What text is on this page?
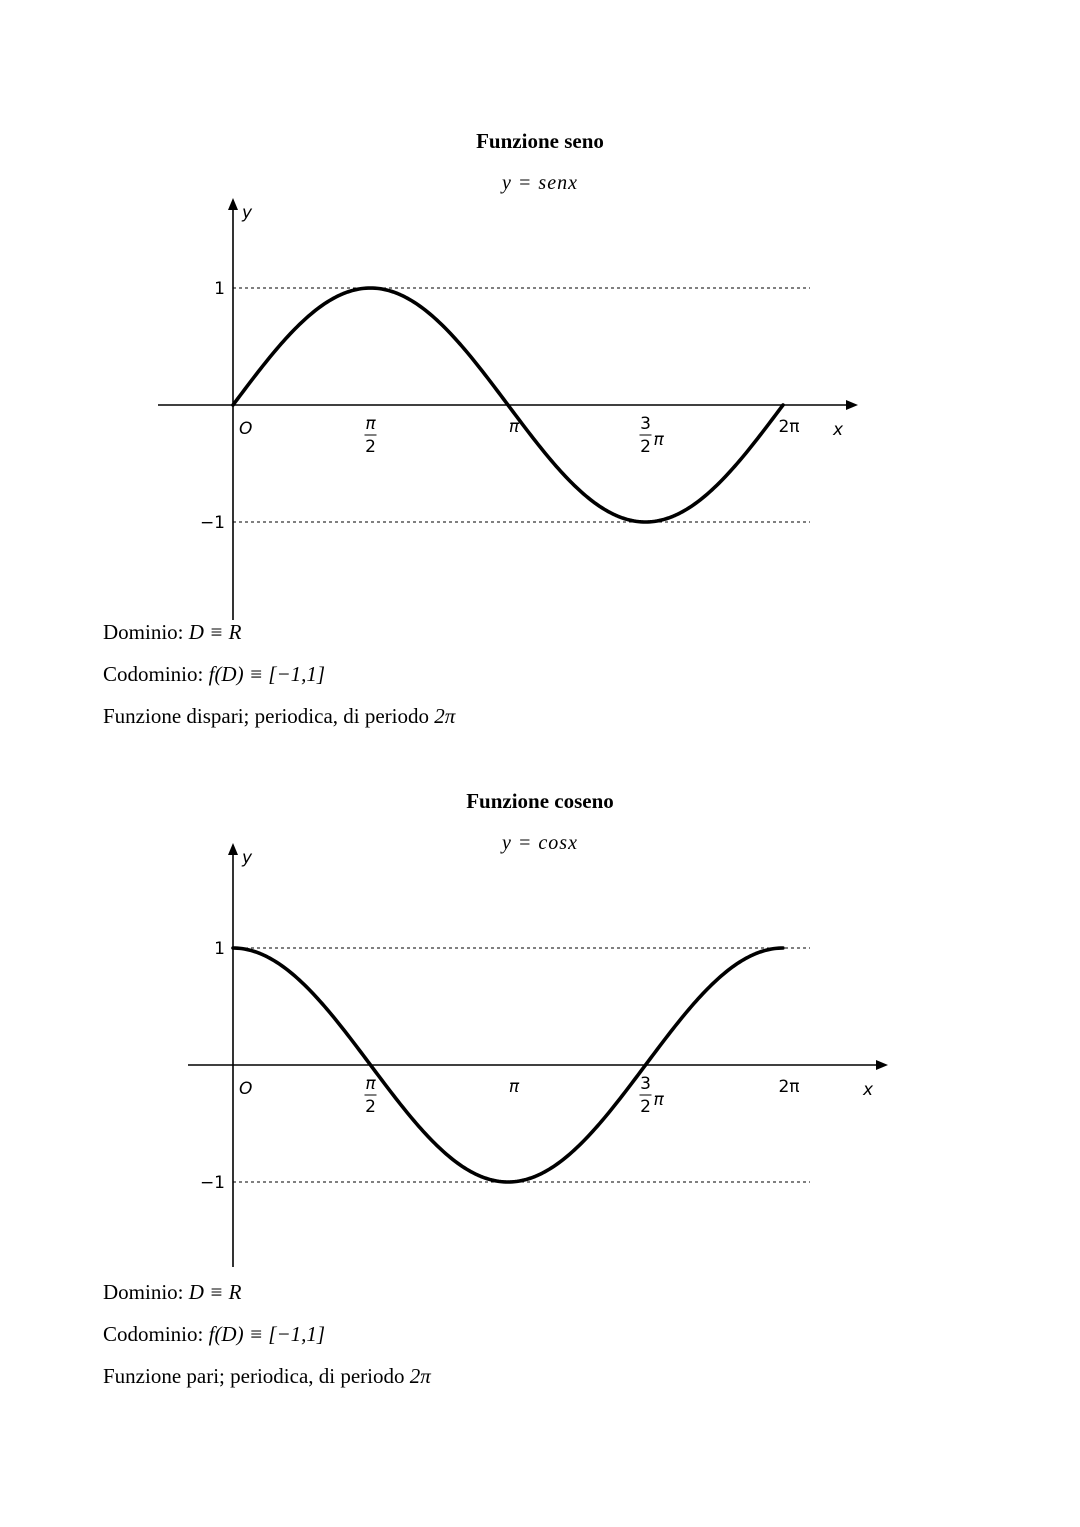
Funzione seno
y = senx
x
y
O
1
−1
π
2
π	3
2 π
2π
Dominio: D ≡ R
Codominio: f(D) ≡ [−1,1]
Funzione dispari; periodica, di periodo 2π
Funzione coseno
y = cosx
x
y
O
1
−1
π
2
π	3
2 π
2π
Dominio: D ≡ R
Codominio: f(D) ≡ [−1,1]
Funzione pari; periodica, di periodo 2π
